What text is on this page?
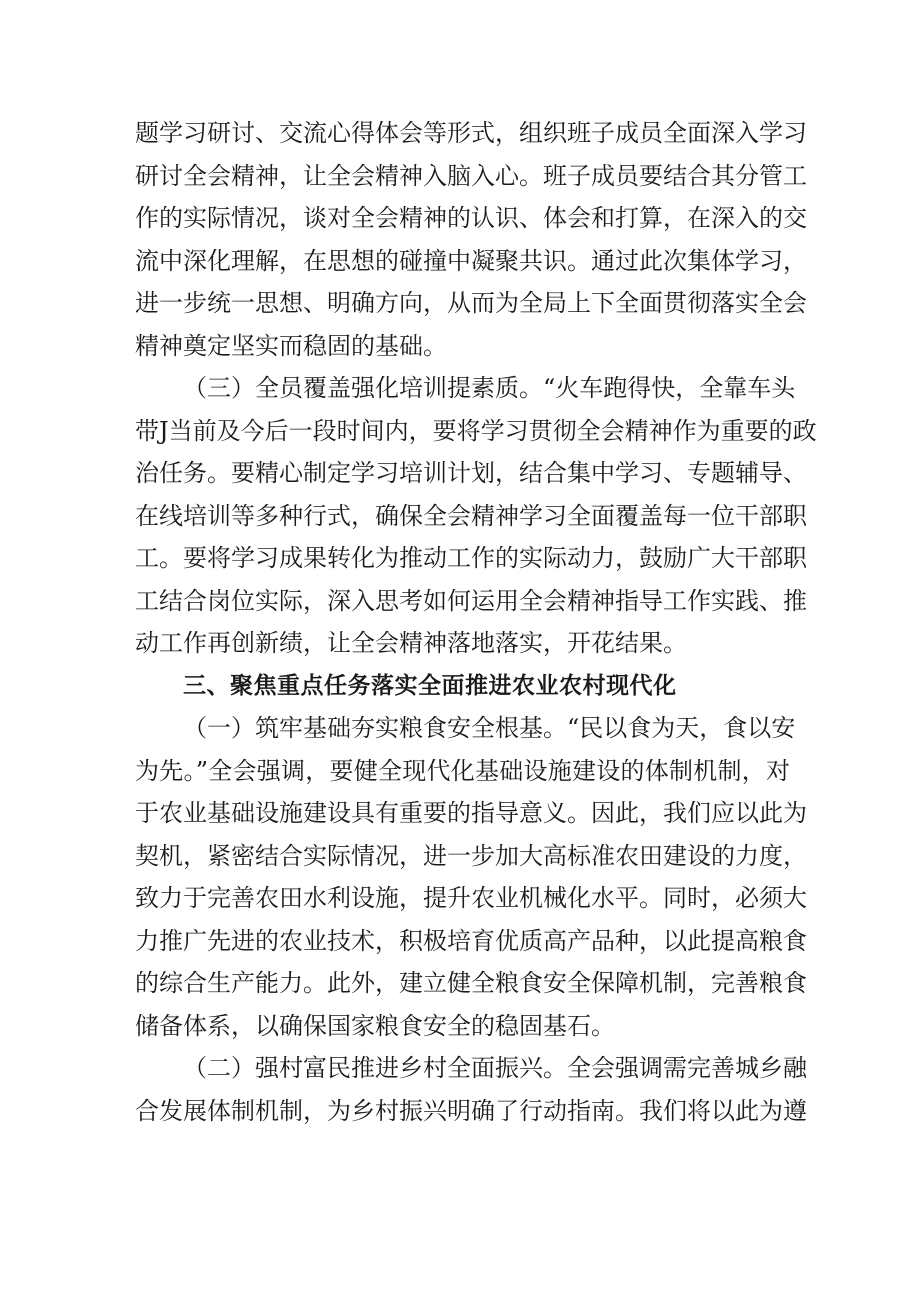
题学习研讨、交流心得体会等形式，组织班子成员全面深入学习
研讨全会精神，让全会精神入脑入心。班子成员要结合其分管工
作的实际情况，谈对全会精神的认识、体会和打算，在深入的交
流中深化理解，在思想的碰撞中凝聚共识。通过此次集体学习，
进一步统一思想、明确方向，从而为全局上下全面贯彻落实全会
精神奠定坚实而稳固的基础。
（三）全员覆盖强化培训提素质。“火车跑得快，全靠车头
带J当前及今后一段时间内，要将学习贯彻全会精神作为重要的政
治任务。要精心制定学习培训计划，结合集中学习、专题辅导、
在线培训等多种行式，确保全会精神学习全面覆盖每一位干部职
工。要将学习成果转化为推动工作的实际动力，鼓励广大干部职
工结合岗位实际，深入思考如何运用全会精神指导工作实践、推
动工作再创新绩，让全会精神落地落实，开花结果。
三、聚焦重点任务落实全面推进农业农村现代化
（一）筑牢基础夯实粮食安全根基。“民以食为天，食以安
为先。”全会强调，要健全现代化基础设施建设的体制机制，对
于农业基础设施建设具有重要的指导意义。因此，我们应以此为
契机，紧密结合实际情况，进一步加大高标准农田建设的力度，
致力于完善农田水利设施，提升农业机械化水平。同时，必须大
力推广先进的农业技术，积极培育优质高产品种，以此提高粮食
的综合生产能力。此外，建立健全粮食安全保障机制，完善粮食
储备体系，以确保国家粮食安全的稳固基石。
（二）强村富民推进乡村全面振兴。全会强调需完善城乡融
合发展体制机制，为乡村振兴明确了行动指南。我们将以此为遵
